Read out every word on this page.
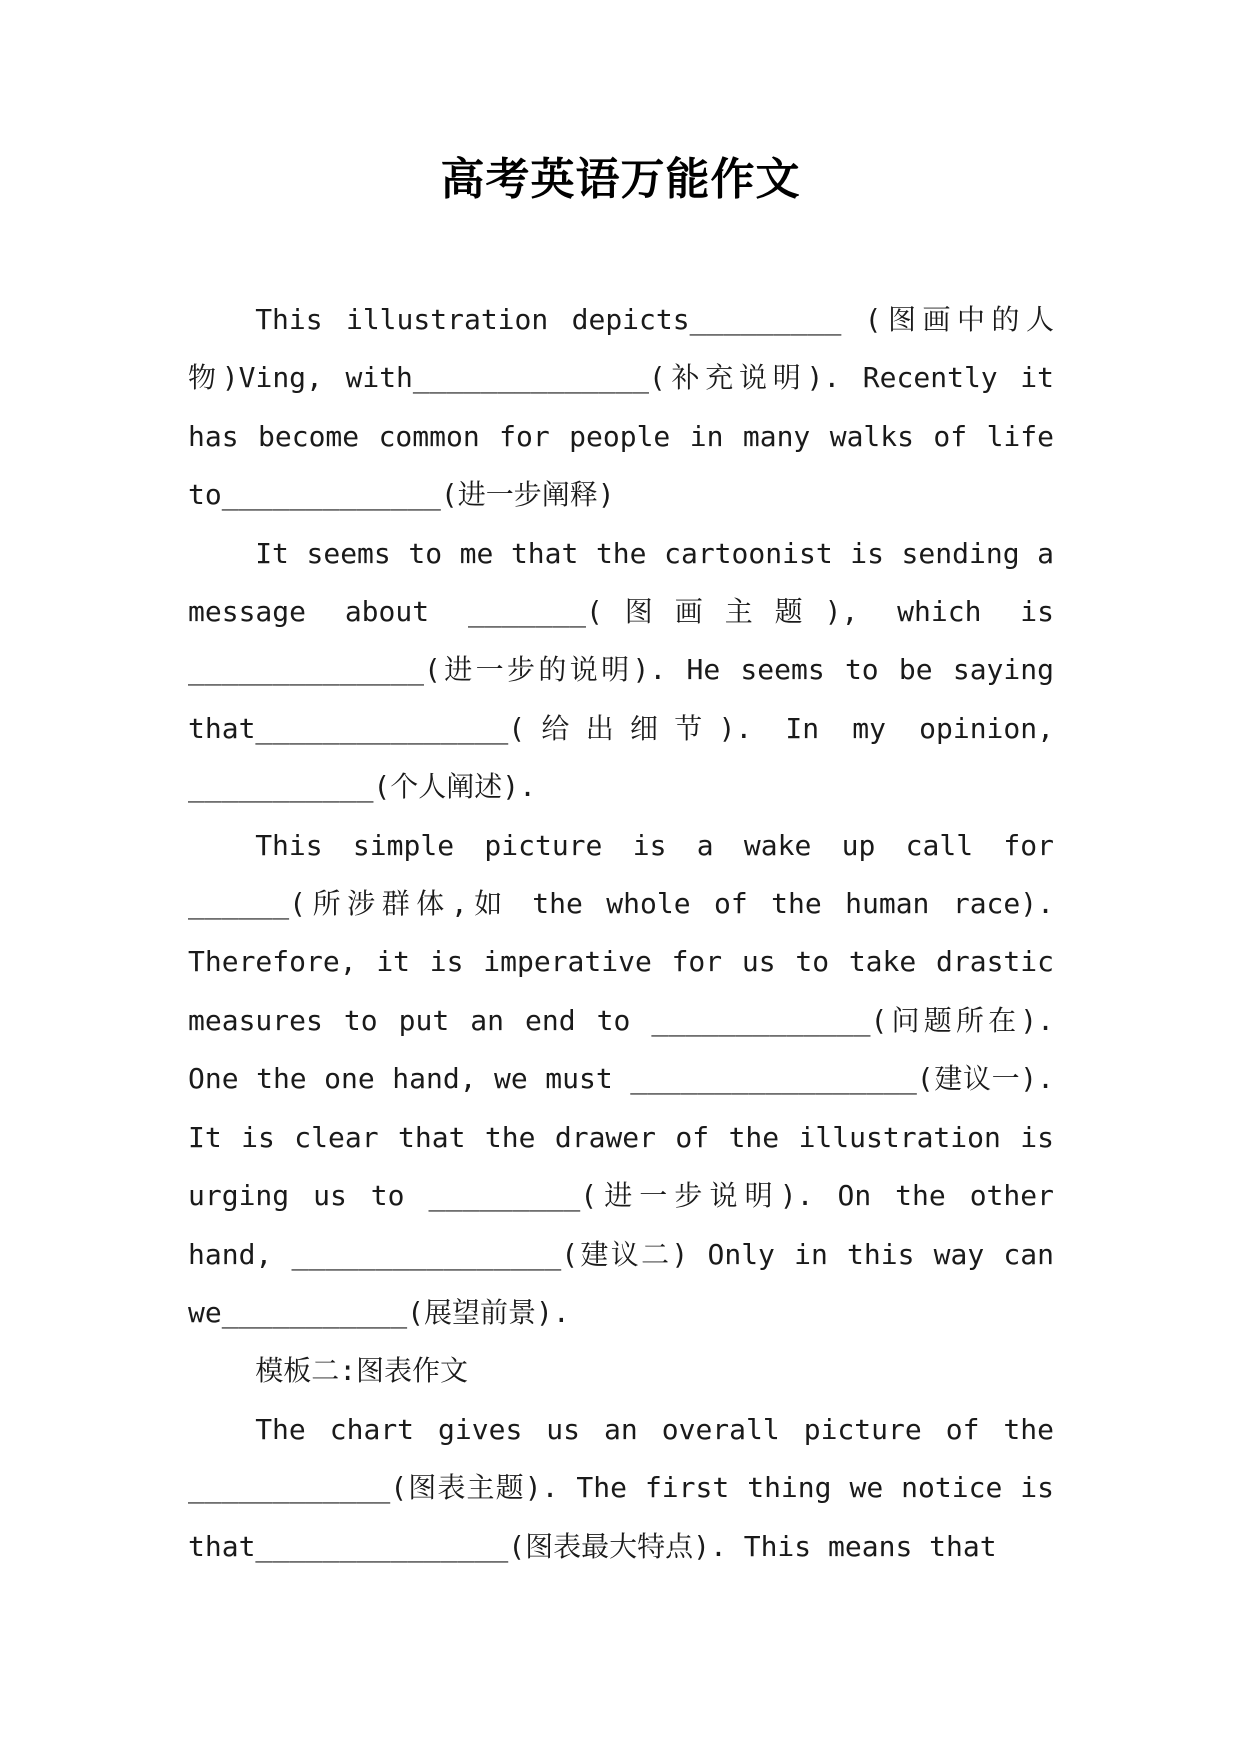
高考英语万能作文

This illustration depicts_________ (图画中的人物)Ving, with______________(补充说明). Recently it has become common for people in many walks of life to_____________(进一步阐释)

It seems to me that the cartoonist is sending a message about _______(图画主题), which is ______________(进一步的说明). He seems to be saying that_______________(给出细节). In my opinion, ___________(个人阐述).

This simple picture is a wake up call for ______(所涉群体,如 the whole of the human race). Therefore, it is imperative for us to take drastic measures to put an end to _____________(问题所在). One the one hand, we must _________________(建议一). It is clear that the drawer of the illustration is urging us to _________(进一步说明). On the other hand, ________________(建议二) Only in this way can we___________(展望前景).

模板二:图表作文

The chart gives us an overall picture of the ____________(图表主题). The first thing we notice is that_______________(图表最大特点). This means that
